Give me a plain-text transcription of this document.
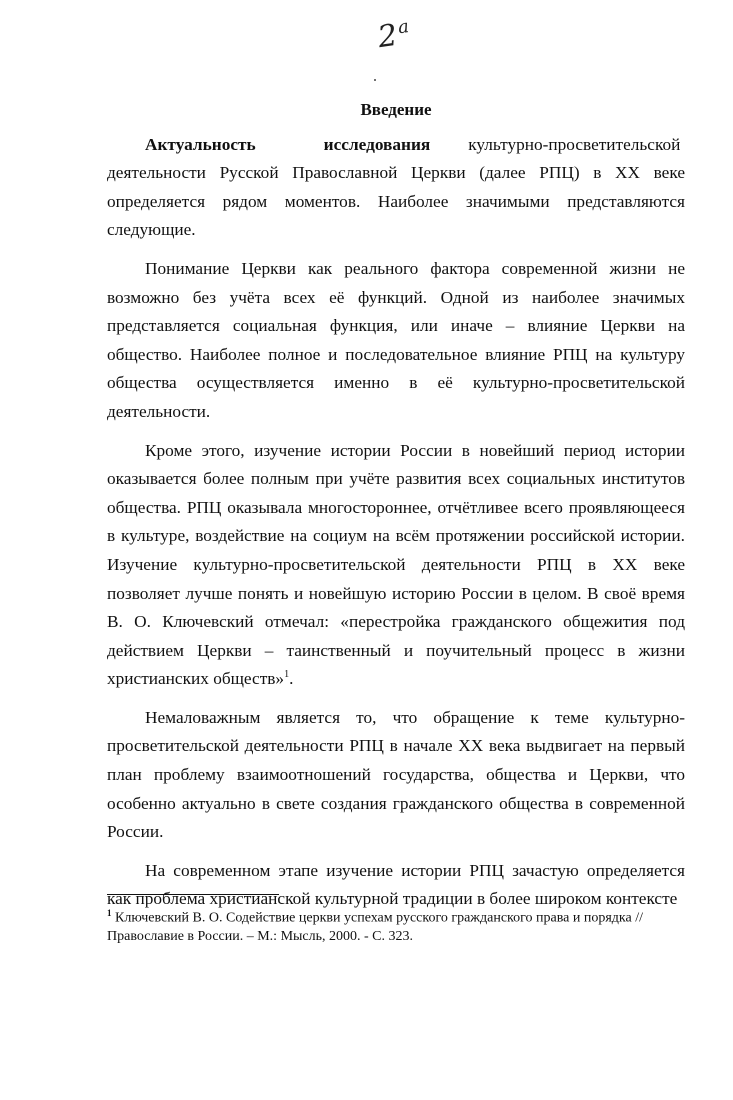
$2^а$
Введение

Актуальность	исследования культурно-просветительской деятельности Русской Православной Церкви (далее РПЦ) в XX веке определяется рядом моментов. Наиболее значимыми представляются следующие.

Понимание Церкви как реального фактора современной жизни не возможно без учёта всех её функций. Одной из наиболее значимых представляется социальная функция, или иначе – влияние Церкви на общество. Наиболее полное и последовательное влияние РПЦ на культуру общества осуществляется именно в её культурно-просветительской деятельности.

Кроме этого, изучение истории России в новейший период истории оказывается более полным при учёте развития всех социальных институтов общества. РПЦ оказывала многостороннее, отчётливее всего проявляющееся в культуре, воздействие на социум на всём протяжении российской истории. Изучение культурно-просветительской деятельности РПЦ в XX веке позволяет лучше понять и новейшую историю России в целом. В своё время В. О. Ключевский отмечал: «перестройка гражданского общежития под действием Церкви – таинственный и поучительный процесс в жизни христианских обществ»$^1$.

Немаловажным является то, что обращение к теме культурно-просветительской деятельности РПЦ в начале XX века выдвигает на первый план проблему взаимоотношений государства, общества и Церкви, что особенно актуально в свете создания гражданского общества в современной России.

На современном этапе изучение истории РПЦ зачастую определяется как проблема христианской культурной традиции в более широком контексте

$^1$ Ключевский В. О. Содействие церкви успехам русского гражданского права и порядка // Православие в России. – М.: Мысль, 2000. - С. 323.
